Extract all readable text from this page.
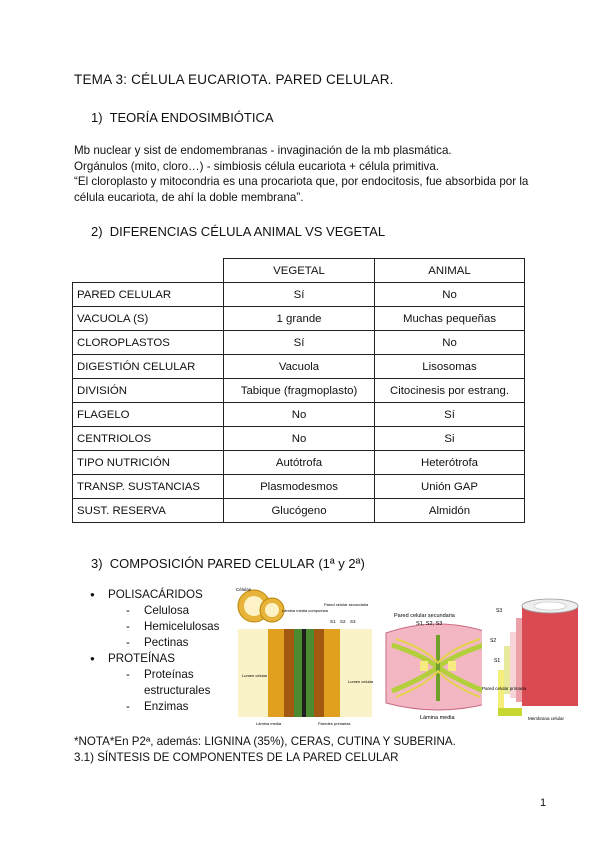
TEMA 3: CÉLULA EUCARIOTA. PARED CELULAR.
1) TEORÍA ENDOSIMBIÓTICA
Mb nuclear y sist de endomembranas - invaginación de la mb plasmática.
Orgánulos (mito, cloro…) - simbiosis célula eucariota + célula primitiva.
“El cloroplasto y mitocondria es una procariota que, por endocitosis, fue absorbida por la
célula eucariota, de ahí la doble membrana”.
2) DIFERENCIAS CÉLULA ANIMAL VS VEGETAL
	VEGETAL	ANIMAL
PARED CELULAR	Sí	No
VACUOLA (S)	1 grande	Muchas pequeñas
CLOROPLASTOS	Sí	No
DIGESTIÓN CELULAR	Vacuola	Lisosomas
DIVISIÓN	Tabique (fragmoplasto)	Citocinesis por estrang.
FLAGELO	No	Sí
CENTRIOLOS	No	Si
TIPO NUTRICIÓN	Autótrofa	Heterótrofa
TRANSP. SUSTANCIAS	Plasmodesmos	Unión GAP
SUST. RESERVA	Glucógeno	Almidón
3) COMPOSICIÓN PARED CELULAR (1ª y 2ª)
● POLISACÁRIDOS
- Celulosa
- Hemicelulosas
- Pectinas
● PROTEÍNAS
- Proteínas estructurales
- Enzimas
Células
Lámina media compuesta
Pared celular secundaria
S1 S2 S3
Lumen celular
Lumen celular
Lámina media	Paredes primarias
Pared celular secundaria
S1, S2, S3
Lámina media
S3
S2
S1
Pared celular primaria
Membrana celular
*NOTA*En P2ª, además: LIGNINA (35%), CERAS, CUTINA Y SUBERINA.
3.1) SÍNTESIS DE COMPONENTES DE LA PARED CELULAR
1
